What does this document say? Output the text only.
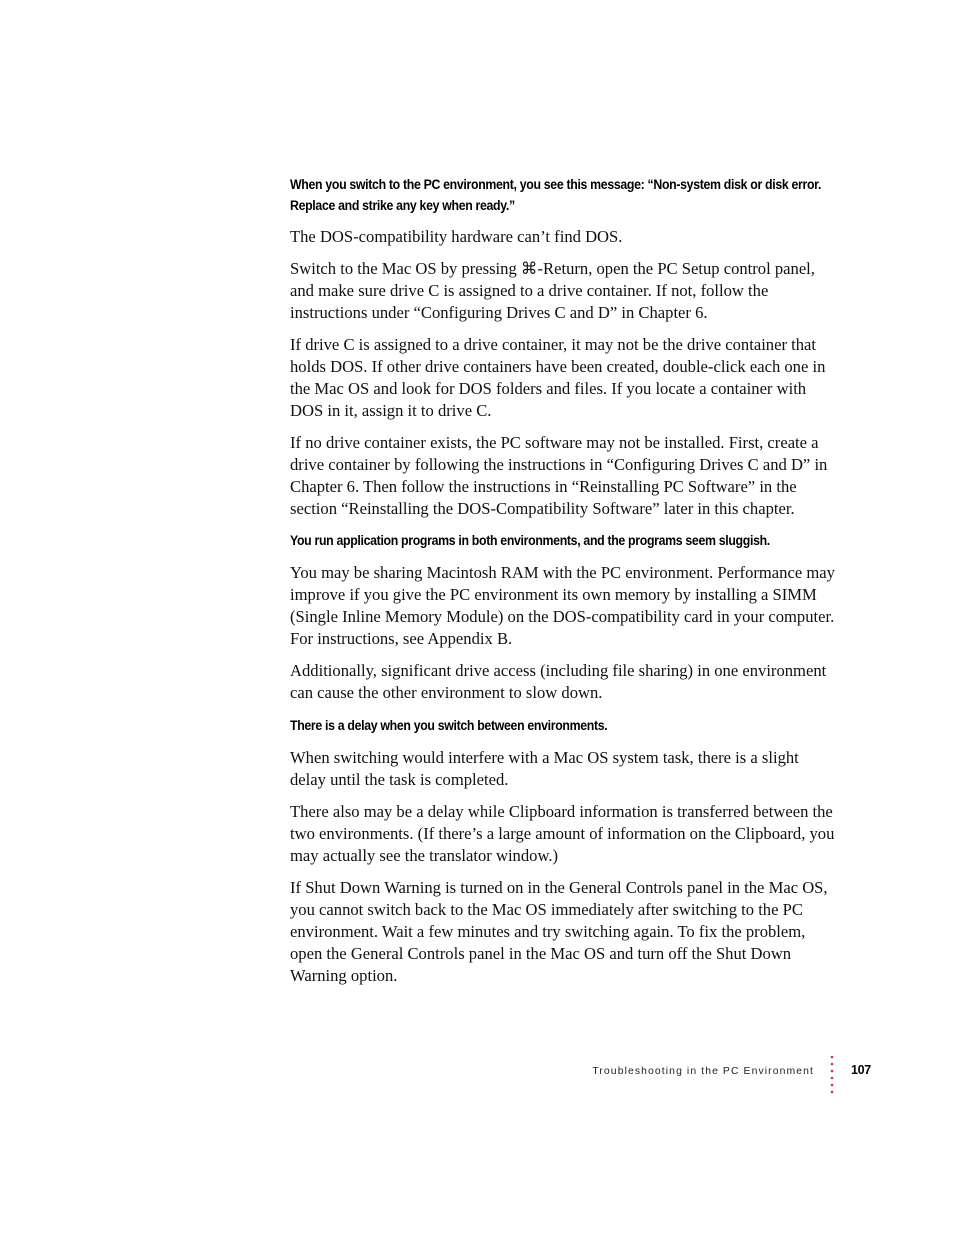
When you switch to the PC environment, you see this message: “Non-system disk or disk error. Replace and strike any key when ready.”

The DOS-compatibility hardware can’t find DOS.

Switch to the Mac OS by pressing ⌘-Return, open the PC Setup control panel, and make sure drive C is assigned to a drive container. If not, follow the instructions under “Configuring Drives C and D” in Chapter 6.

If drive C is assigned to a drive container, it may not be the drive container that holds DOS. If other drive containers have been created, double-click each one in the Mac OS and look for DOS folders and files. If you locate a container with DOS in it, assign it to drive C.

If no drive container exists, the PC software may not be installed. First, create a drive container by following the instructions in “Configuring Drives C and D” in Chapter 6. Then follow the instructions in “Reinstalling PC Software” in the section “Reinstalling the DOS-Compatibility Software” later in this chapter.

You run application programs in both environments, and the programs seem sluggish.

You may be sharing Macintosh RAM with the PC environment. Performance may improve if you give the PC environment its own memory by installing a SIMM (Single Inline Memory Module) on the DOS-compatibility card in your computer. For instructions, see Appendix B.

Additionally, significant drive access (including file sharing) in one environment can cause the other environment to slow down.

There is a delay when you switch between environments.

When switching would interfere with a Mac OS system task, there is a slight delay until the task is completed.

There also may be a delay while Clipboard information is transferred between the two environments. (If there’s a large amount of information on the Clipboard, you may actually see the translator window.)

If Shut Down Warning is turned on in the General Controls panel in the Mac OS, you cannot switch back to the Mac OS immediately after switching to the PC environment. Wait a few minutes and try switching again. To fix the problem, open the General Controls panel in the Mac OS and turn off the Shut Down Warning option.

Troubleshooting in the PC Environment	107
